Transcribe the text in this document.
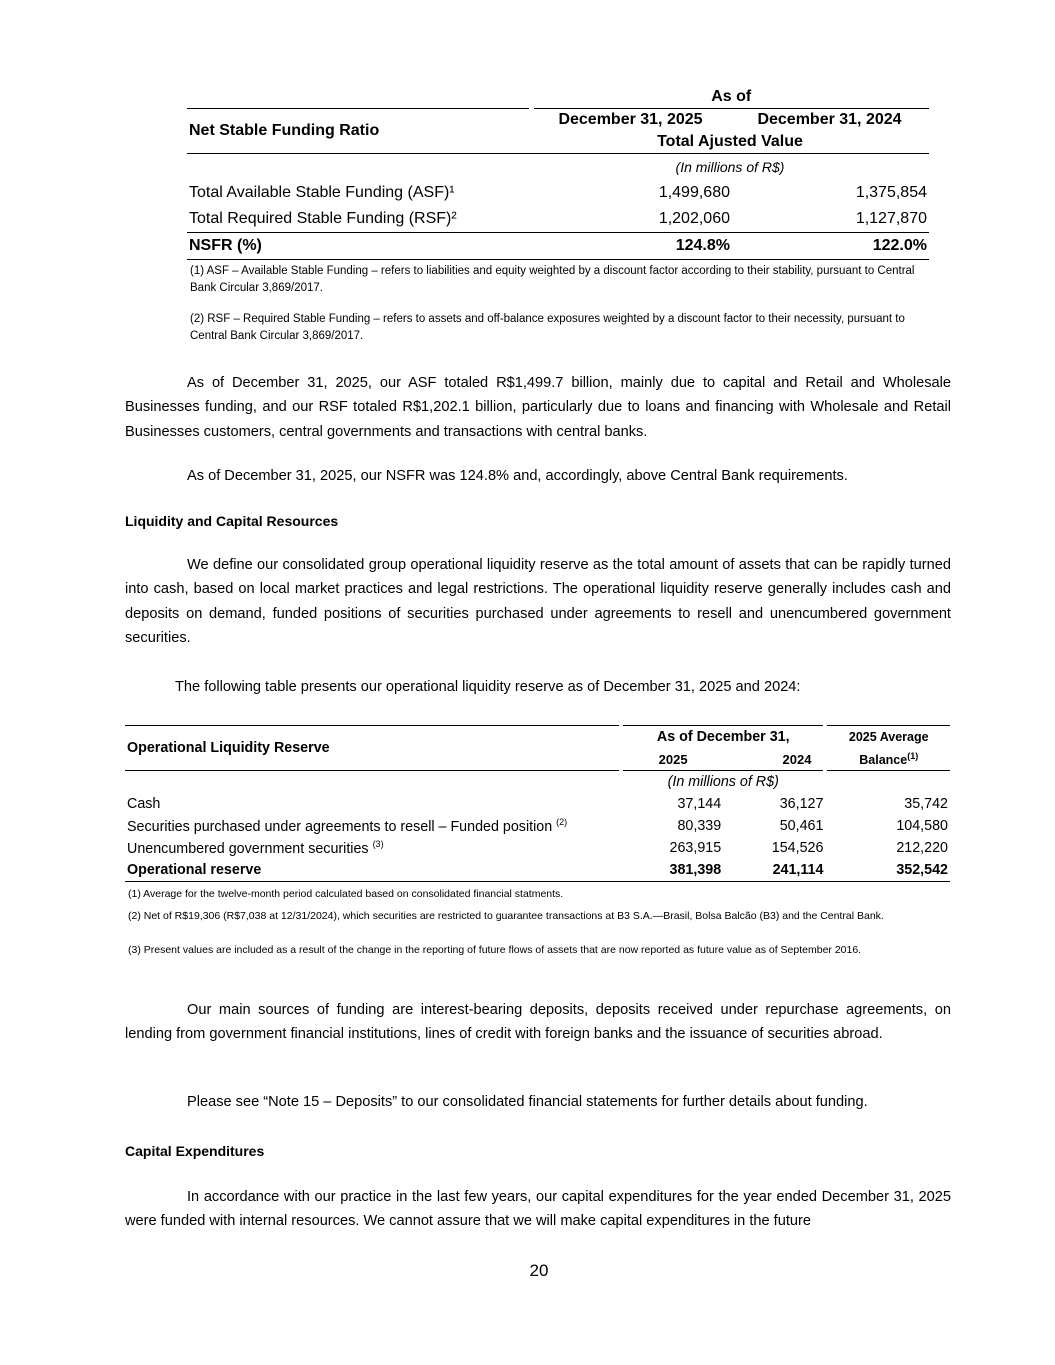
	As of	
Net Stable Funding Ratio	December 31, 2025	December 31, 2024
	Total Ajusted Value	
	(In millions of R$)	
Total Available Stable Funding (ASF)¹	1,499,680	1,375,854
Total Required Stable Funding (RSF)²	1,202,060	1,127,870
NSFR (%)	124.8%	122.0%
(1) ASF – Available Stable Funding – refers to liabilities and equity weighted by a discount factor according to their stability, pursuant to Central Bank Circular 3,869/2017.
(2) RSF – Required Stable Funding – refers to assets and off-balance exposures weighted by a discount factor to their necessity, pursuant to Central Bank Circular 3,869/2017.
As of December 31, 2025, our ASF totaled R$1,499.7 billion, mainly due to capital and Retail and Wholesale Businesses funding, and our RSF totaled R$1,202.1 billion, particularly due to loans and financing with Wholesale and Retail Businesses customers, central governments and transactions with central banks.
As of December 31, 2025, our NSFR was 124.8% and, accordingly, above Central Bank requirements.
Liquidity and Capital Resources
We define our consolidated group operational liquidity reserve as the total amount of assets that can be rapidly turned into cash, based on local market practices and legal restrictions. The operational liquidity reserve generally includes cash and deposits on demand, funded positions of securities purchased under agreements to resell and unencumbered government securities.
The following table presents our operational liquidity reserve as of December 31, 2025 and 2024:
Operational Liquidity Reserve	As of December 31,		2025 Average
	2025	2024	Balance$^{(1)}$
	(In millions of R$)		
Cash	37,144	36,127	35,742
Securities purchased under agreements to resell – Funded position $^{(2)}$	80,339	50,461	104,580
Unencumbered government securities $^{(3)}$	263,915	154,526	212,220
Operational reserve	381,398	241,114	352,542
(1) Average for the twelve-month period calculated based on consolidated financial statments.
(2) Net of R$19,306 (R$7,038 at 12/31/2024), which securities are restricted to guarantee transactions at B3 S.A.—Brasil, Bolsa Balcão (B3) and the Central Bank.
(3) Present values are included as a result of the change in the reporting of future flows of assets that are now reported as future value as of September 2016.
Our main sources of funding are interest-bearing deposits, deposits received under repurchase agreements, on lending from government financial institutions, lines of credit with foreign banks and the issuance of securities abroad.
Please see “Note 15 – Deposits” to our consolidated financial statements for further details about funding.
Capital Expenditures
In accordance with our practice in the last few years, our capital expenditures for the year ended December 31, 2025 were funded with internal resources. We cannot assure that we will make capital expenditures in the future
20
